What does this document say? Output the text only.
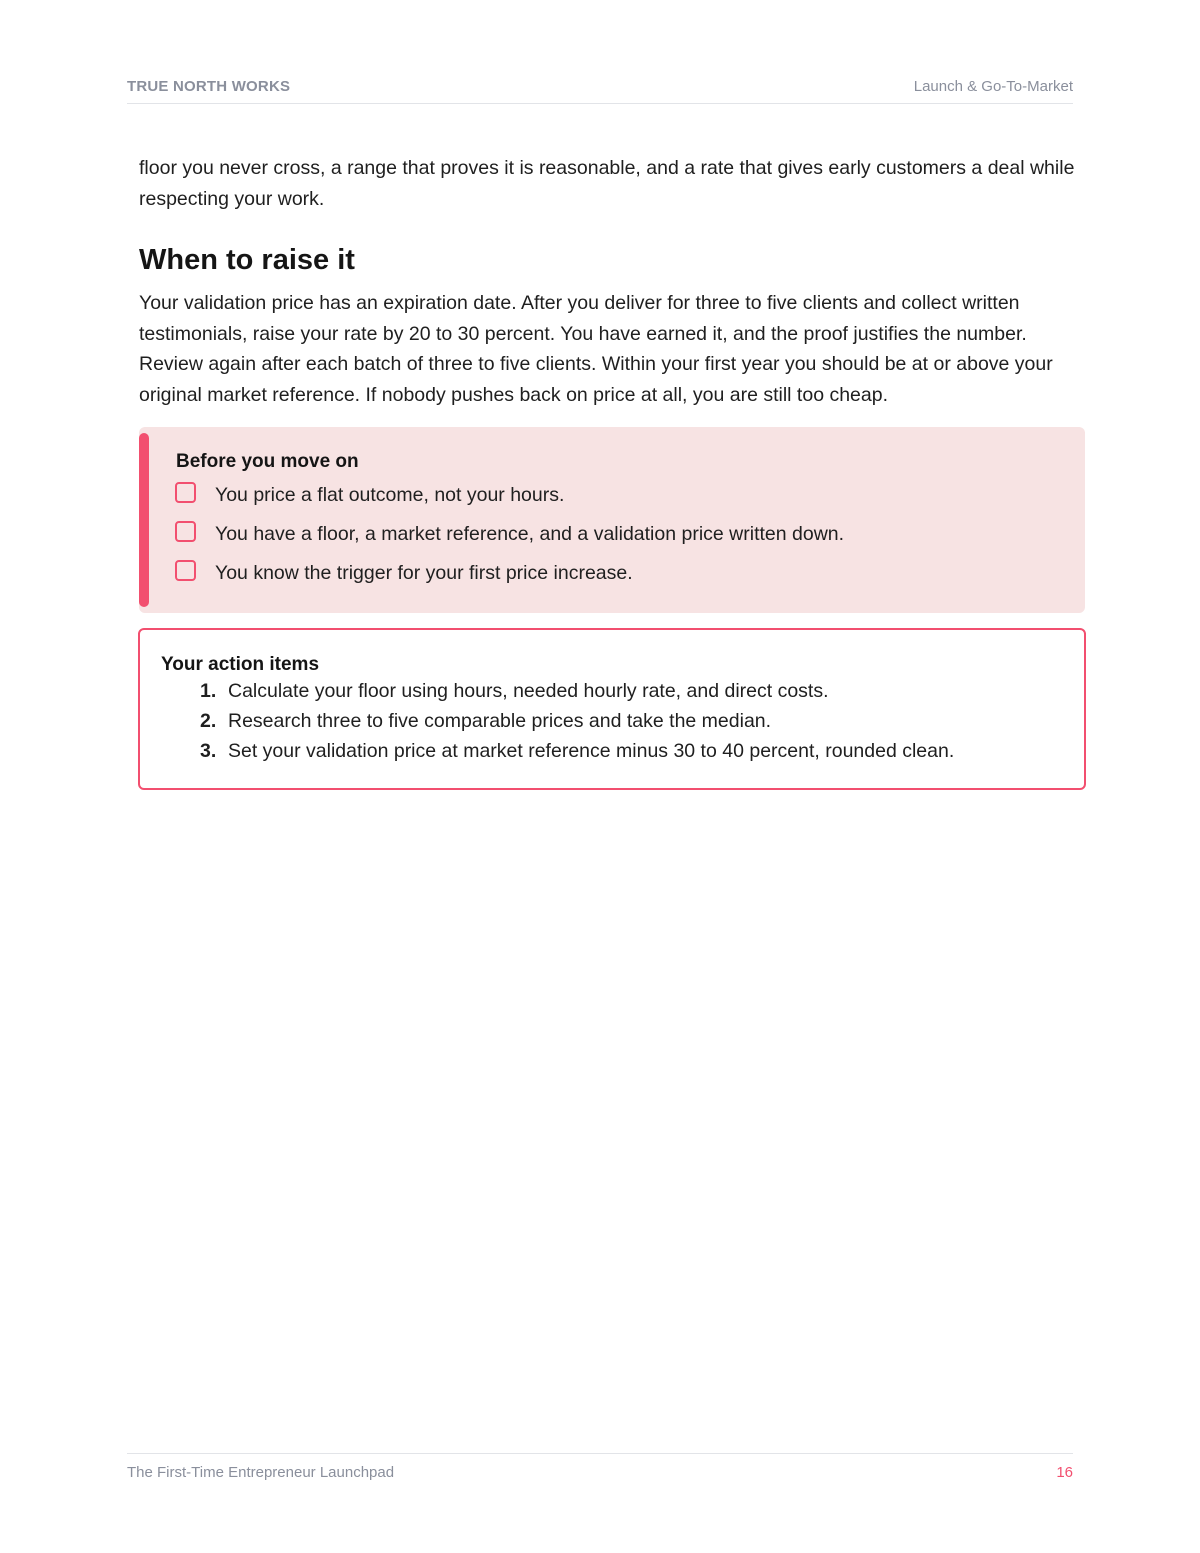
TRUE NORTH WORKS	Launch & Go-To-Market

floor you never cross, a range that proves it is reasonable, and a rate that gives early customers a deal while respecting your work.

When to raise it

Your validation price has an expiration date. After you deliver for three to five clients and collect written testimonials, raise your rate by 20 to 30 percent. You have earned it, and the proof justifies the number. Review again after each batch of three to five clients. Within your first year you should be at or above your original market reference. If nobody pushes back on price at all, you are still too cheap.

Before you move on
You price a flat outcome, not your hours.
You have a floor, a market reference, and a validation price written down.
You know the trigger for your first price increase.
Your action items
1. Calculate your floor using hours, needed hourly rate, and direct costs.
2. Research three to five comparable prices and take the median.
3. Set your validation price at market reference minus 30 to 40 percent, rounded clean.
The First-Time Entrepreneur Launchpad	16
